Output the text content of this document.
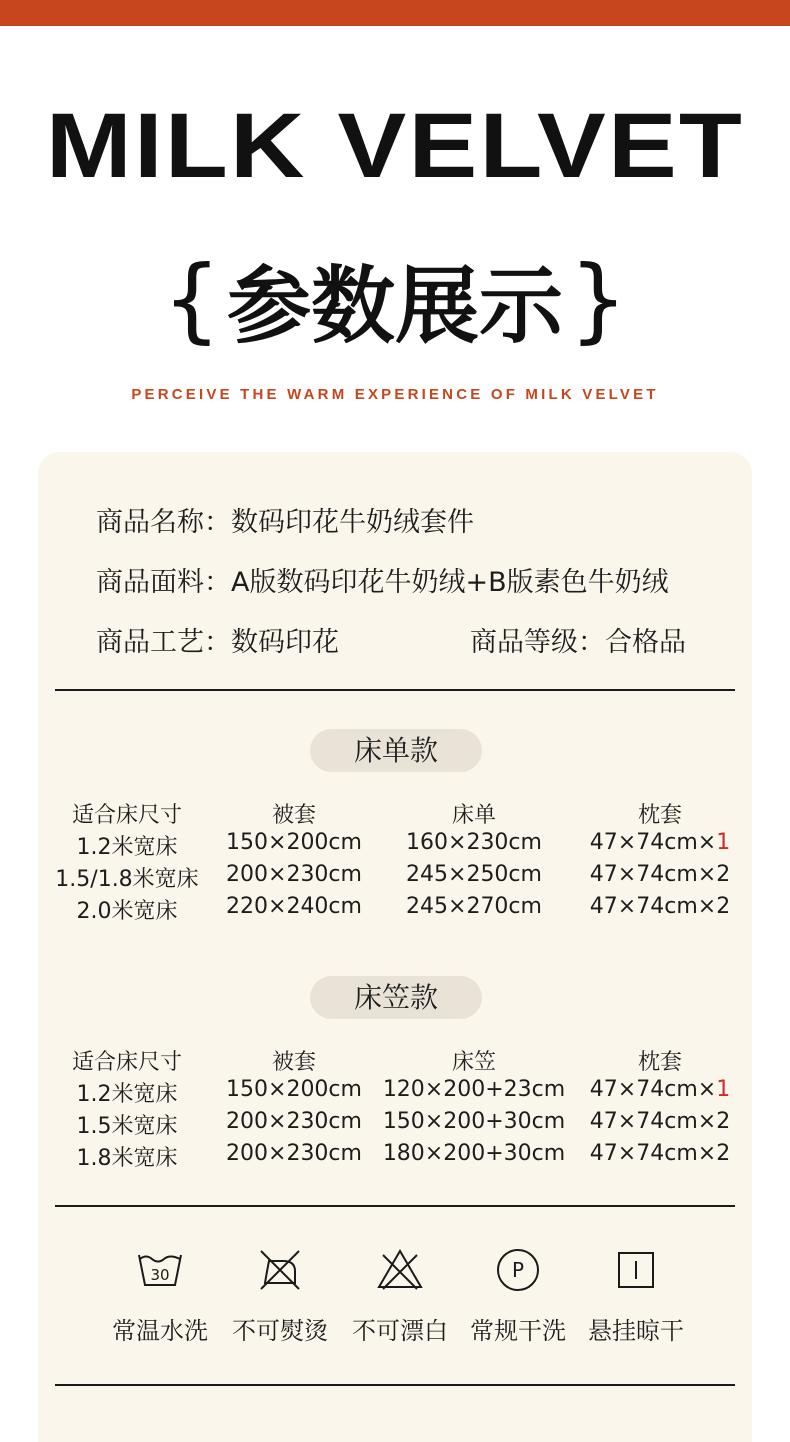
MILK VELVET
{参数展示}
PERCEIVE THE WARM EXPERIENCE OF MILK VELVET
商品名称：数码印花牛奶绒套件
商品面料：A版数码印花牛奶绒+B版素色牛奶绒
商品工艺：数码印花	商品等级：合格品
床单款
适合床尺寸	被套	床单	枕套
1.2米宽床	150×200cm	160×230cm	47×74cm×1
1.5/1.8米宽床	200×230cm	245×250cm	47×74cm×2
2.0米宽床	220×240cm	245×270cm	47×74cm×2
床笠款
适合床尺寸	被套	床笠	枕套
1.2米宽床	150×200cm 120×200+23cm	47×74cm×1
1.5米宽床	200×230cm 150×200+30cm	47×74cm×2
1.8米宽床	200×230cm 180×200+30cm	47×74cm×2
30
常温水洗	不可熨烫	不可漂白
P
常规干洗 悬挂晾干
